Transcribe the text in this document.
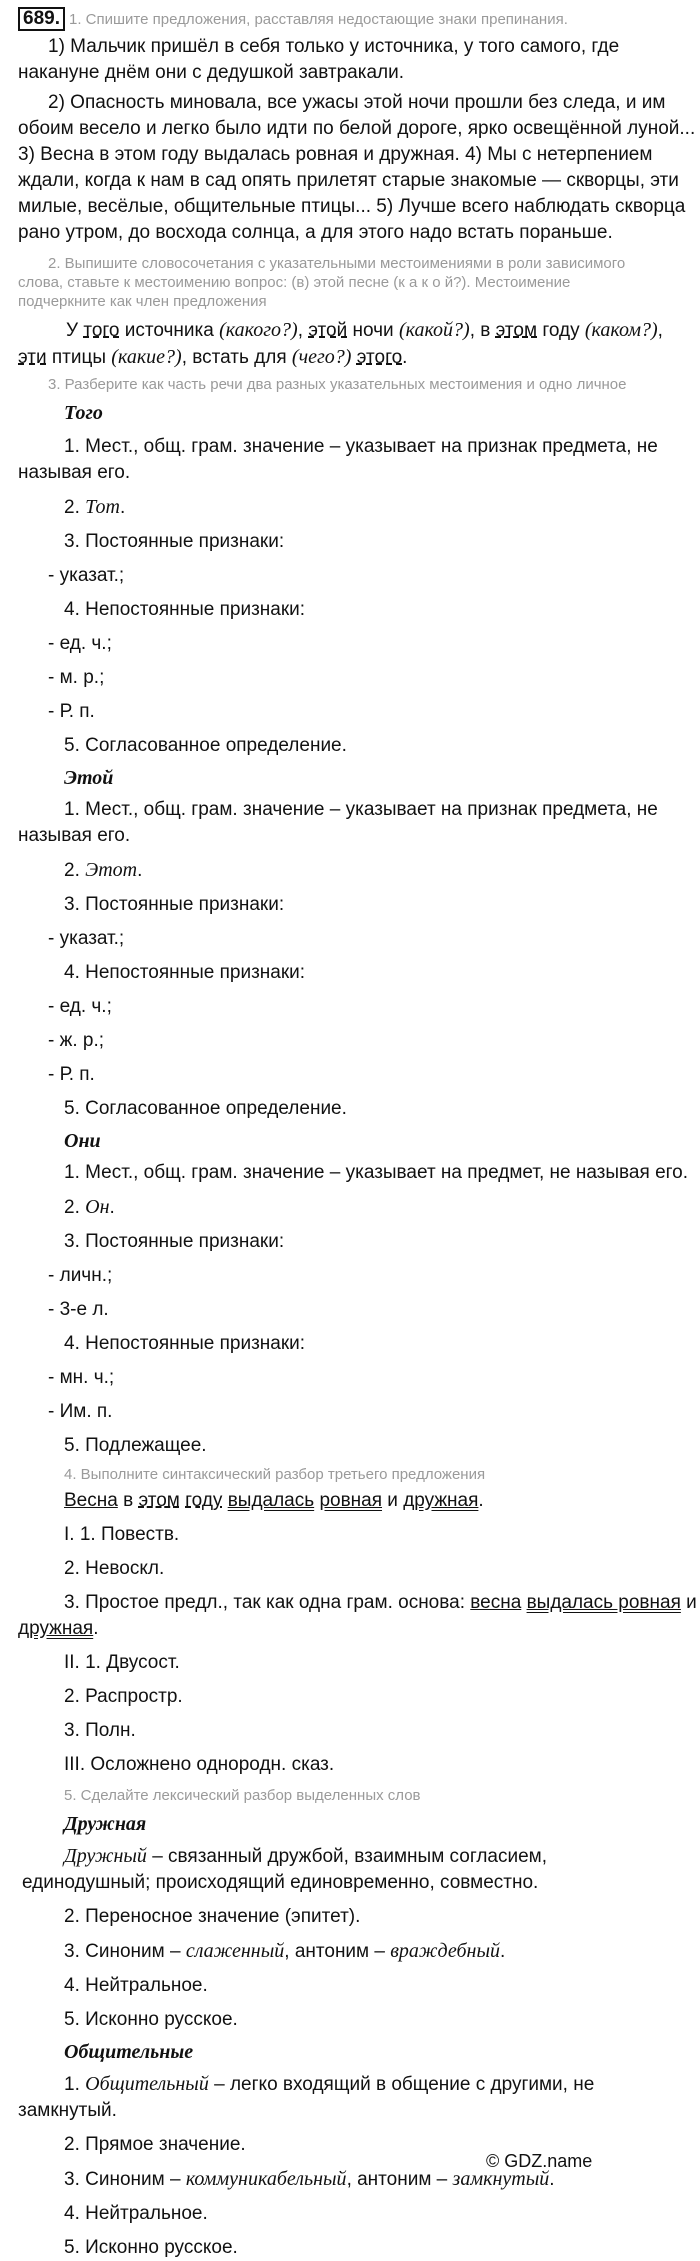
689. 1. Спишите предложения, расставляя недостающие знаки препинания.
1) Мальчик пришёл в себя только у источника, у того самого, где
накануне днём они с дедушкой завтракали.
2) Опасность миновала, все ужасы этой ночи прошли без следа, и им
обоим весело и легко было идти по белой дороге, ярко освещённой луной...
3) Весна в этом году выдалась ровная и дружная. 4) Мы с нетерпением
ждали, когда к нам в сад опять прилетят старые знакомые — скворцы, эти
милые, весёлые, общительные птицы... 5) Лучше всего наблюдать скворца
рано утром, до восхода солнца, а для этого надо встать пораньше.
2. Выпишите словосочетания с указательными местоимениями в роли зависимого
слова, ставьте к местоимению вопрос: (в) этой песне (к а к о й?). Местоимение
подчеркните как член предложения
У того источника (какого?), этой ночи (какой?), в этом году (каком?),
эти птицы (какие?), встать для (чего?) этого.
3. Разберите как часть речи два разных указательных местоимения и одно личное
Того
1. Мест., общ. грам. значение – указывает на признак предмета, не
называя его.
2. Тот.
3. Постоянные признаки:
- указат.;
4. Непостоянные признаки:
- ед. ч.;
- м. р.;
- Р. п.
5. Согласованное определение.
Этой
1. Мест., общ. грам. значение – указывает на признак предмета, не
называя его.
2. Этот.
3. Постоянные признаки:
- указат.;
4. Непостоянные признаки:
- ед. ч.;
- ж. р.;
- Р. п.
5. Согласованное определение.
Они
1. Мест., общ. грам. значение – указывает на предмет, не называя его.
2. Он.
3. Постоянные признаки:
- личн.;
- 3-е л.
4. Непостоянные признаки:
- мн. ч.;
- Им. п.
5. Подлежащее.
4. Выполните синтаксический разбор третьего предложения
Весна в этом году выдалась ровная и дружная.
I. 1. Повеств.
2. Невоскл.
3. Простое предл., так как одна грам. основа: весна выдалась ровная и
дружная.
II. 1. Двусост.
2. Распростр.
3. Полн.
III. Осложнено однородн. сказ.
5. Сделайте лексический разбор выделенных слов
Дружная
Дружный – связанный дружбой, взаимным согласием,
единодушный; происходящий единовременно, совместно.
2. Переносное значение (эпитет).
3. Синоним – слаженный, антоним – враждебный.
4. Нейтральное.
5. Исконно русское.
Общительные
1. Общительный – легко входящий в общение с другими, не
замкнутый.
2. Прямое значение.
3. Синоним – коммуникабельный, антоним – замкнутый.
4. Нейтральное.
5. Исконно русское.
© GDZ.name
